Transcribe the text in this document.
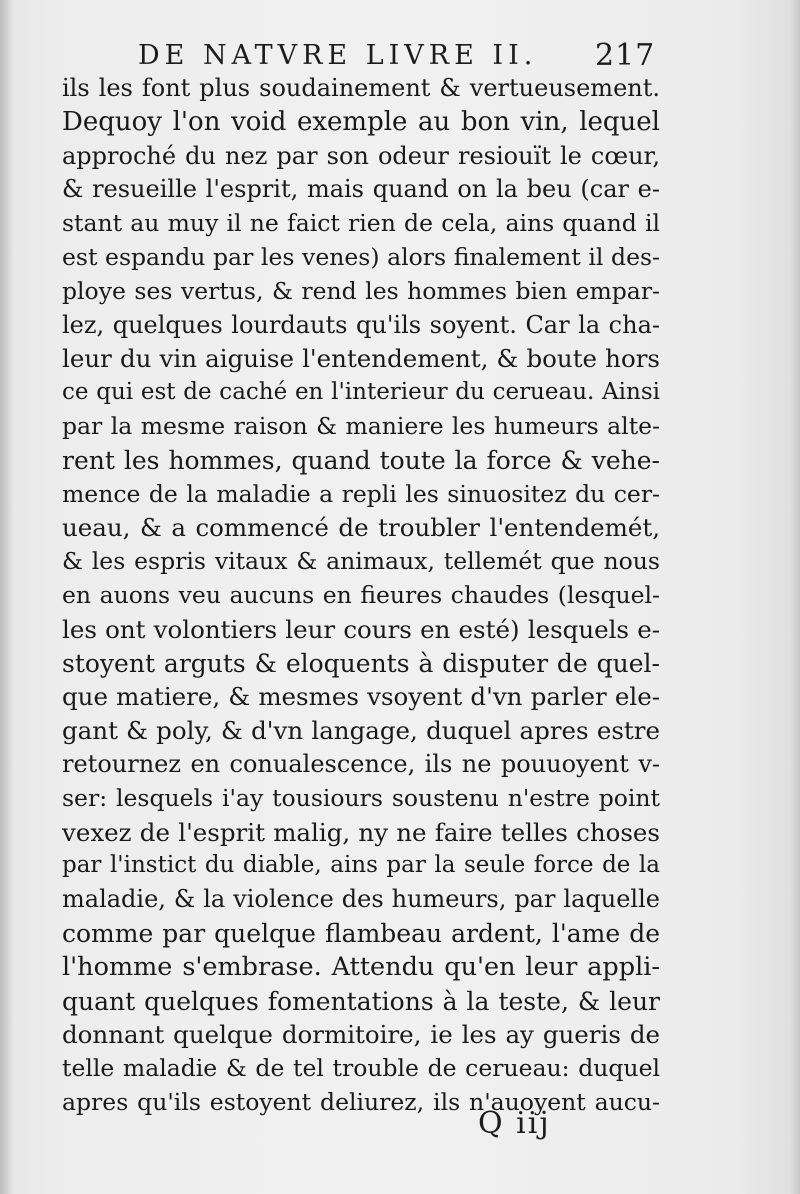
DE NATVRE LIVRE II. 217
ils les font plus soudainement & vertueusement.
Dequoy l'on void exemple au bon vin, lequel
approché du nez par son odeur resiouït le cœur,
& resueille l'esprit, mais quand on la beu (car e-
stant au muy il ne faict rien de cela, ains quand il
est espandu par les venes) alors finalement il des-
ploye ses vertus, & rend les hommes bien empar-
lez, quelques lourdauts qu'ils soyent. Car la cha-
leur du vin aiguise l'entendement, & boute hors
ce qui est de caché en l'interieur du cerueau. Ainsi
par la mesme raison & maniere les humeurs alte-
rent les hommes, quand toute la force & vehe-
mence de la maladie a repli les sinuositez du cer-
ueau, & a commencé de troubler l'entendemét,
& les espris vitaux & animaux, tellemét que nous
en auons veu aucuns en fieures chaudes (lesquel-
les ont volontiers leur cours en esté) lesquels e-
stoyent arguts & eloquents à disputer de quel-
que matiere, & mesmes vsoyent d'vn parler ele-
gant & poly, & d'vn langage, duquel apres estre
retournez en conualescence, ils ne pouuoyent v-
ser: lesquels i'ay tousiours soustenu n'estre point
vexez de l'esprit malig, ny ne faire telles choses
par l'instict du diable, ains par la seule force de la
maladie, & la violence des humeurs, par laquelle
comme par quelque flambeau ardent, l'ame de
l'homme s'embrase. Attendu qu'en leur appli-
quant quelques fomentations à la teste, & leur
donnant quelque dormitoire, ie les ay gueris de
telle maladie & de tel trouble de cerueau: duquel
apres qu'ils estoyent deliurez, ils n'auoyent aucu-
Q iij
